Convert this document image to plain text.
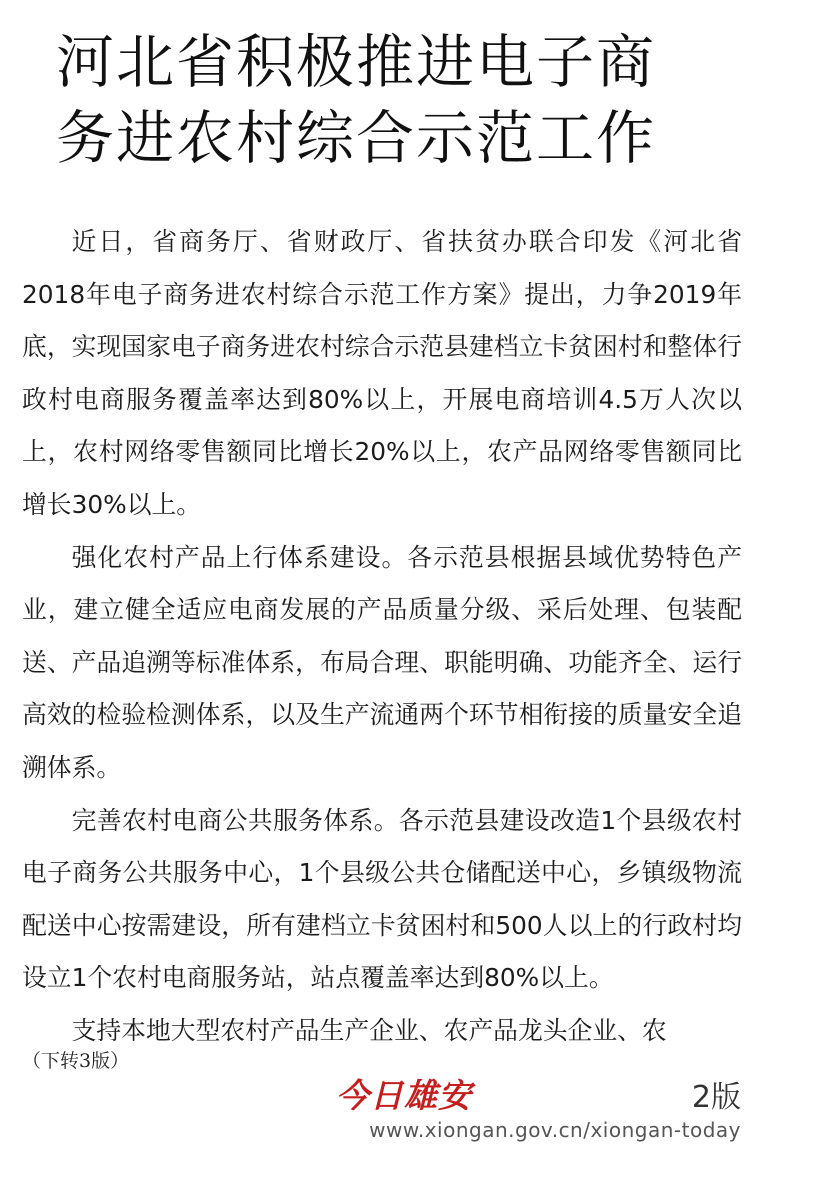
河北省积极推进电子商
务进农村综合示范工作

近日，省商务厅、省财政厅、省扶贫办联合印发《河北省2018年电子商务进农村综合示范工作方案》提出，力争2019年底，实现国家电子商务进农村综合示范县建档立卡贫困村和整体行政村电商服务覆盖率达到80%以上，开展电商培训4.5万人次以上，农村网络零售额同比增长20%以上，农产品网络零售额同比增长30%以上。

强化农村产品上行体系建设。各示范县根据县域优势特色产业，建立健全适应电商发展的产品质量分级、采后处理、包装配送、产品追溯等标准体系，布局合理、职能明确、功能齐全、运行高效的检验检测体系，以及生产流通两个环节相衔接的质量安全追溯体系。

完善农村电商公共服务体系。各示范县建设改造1个县级农村电子商务公共服务中心，1个县级公共仓储配送中心，乡镇级物流配送中心按需建设，所有建档立卡贫困村和500人以上的行政村均设立1个农村电商服务站，站点覆盖率达到80%以上。

支持本地大型农村产品生产企业、农产品龙头企业、农

（下转3版）
今日雄安	2版
www.xiongan.gov.cn/xiongan-today
